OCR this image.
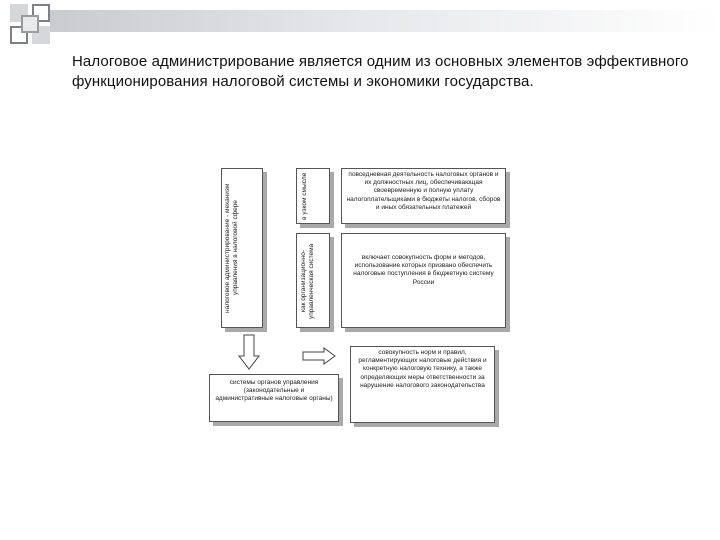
Налоговое администрирование является одним из основных элементов эффективного функционирования налоговой системы и экономики государства.
налоговое администрирование - механизм управления в налоговой сфере
в узком смысле
как организационно-управленческая система
повседневная деятельность налоговых органов и их должностных лиц, обеспечивающая своевременную и полную уплату налогоплательщиками в бюджеты налогов, сборов и иных обязательных платежей
включает совокупность форм и методов, использование которых призвано обеспечить налоговые поступления в бюджетную систему России
системы органов управления (законодательные и административные налоговые органы)
совокупность норм и правил, регламентирующих налоговые действия и конкретную налоговую технику, а также определяющих меры ответственности за нарушение налогового законодательства
